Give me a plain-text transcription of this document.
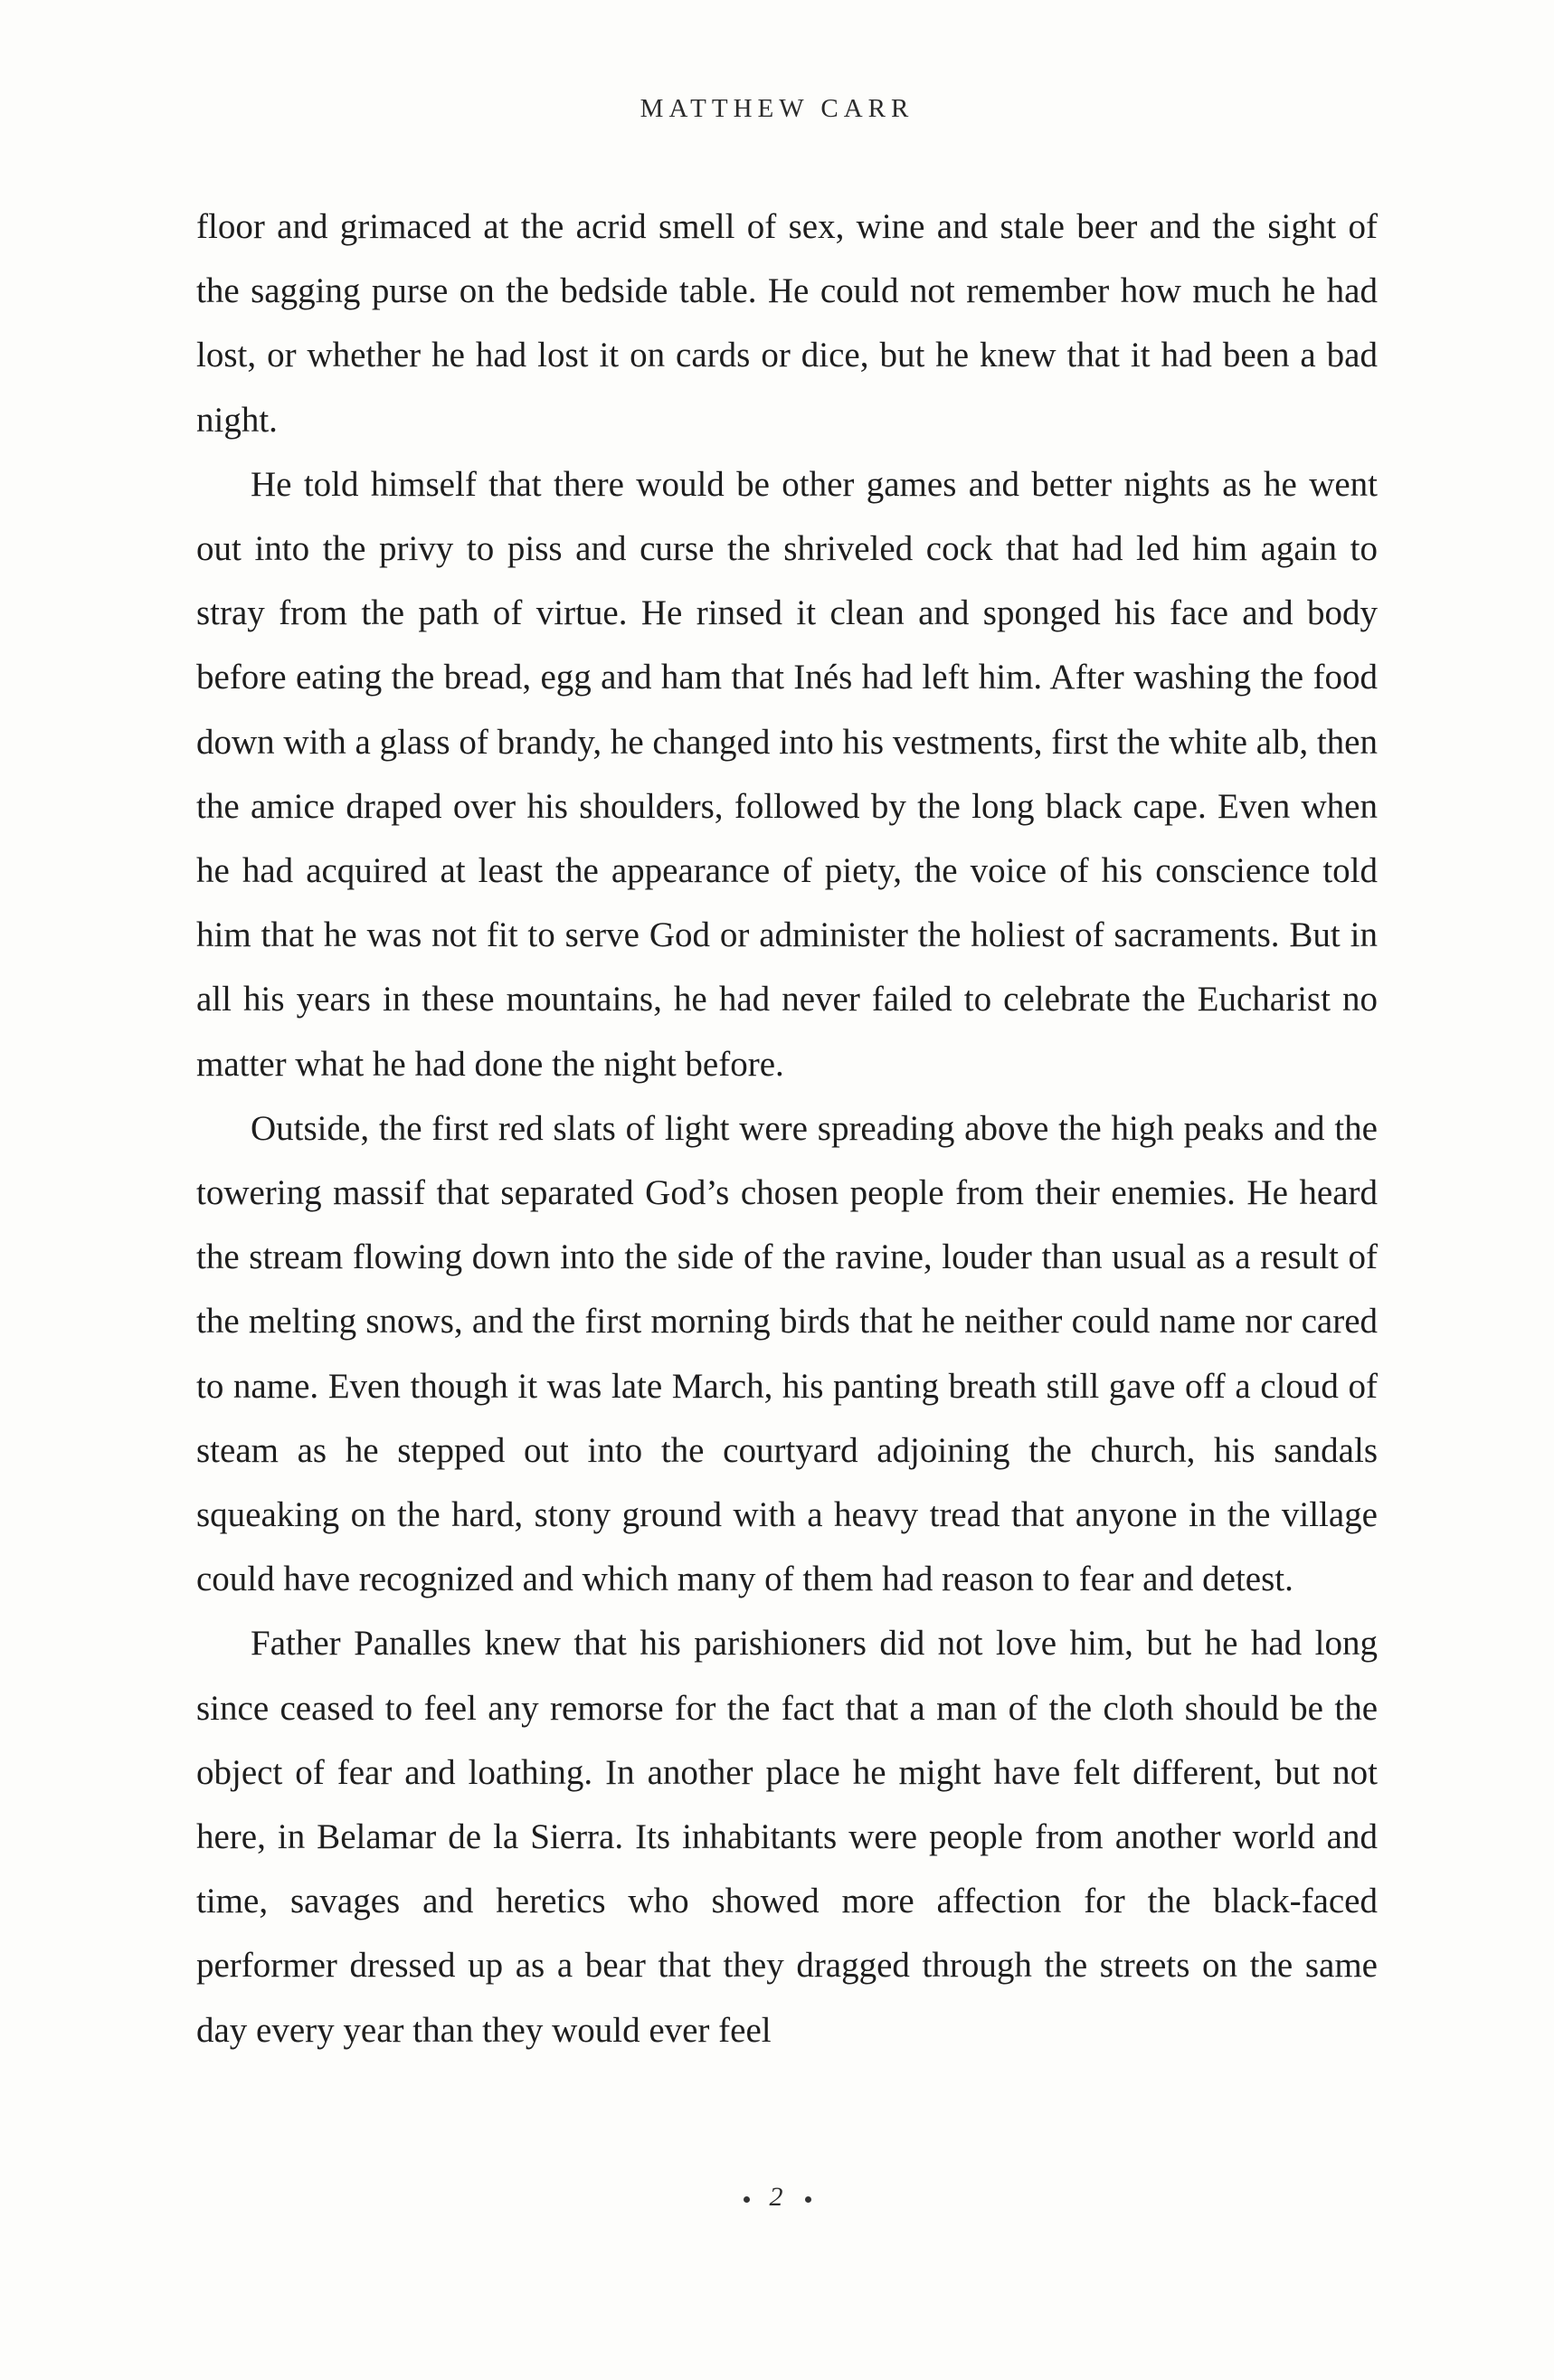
MATTHEW CARR

floor and grimaced at the acrid smell of sex, wine and stale beer and the sight of the sagging purse on the bedside table. He could not remember how much he had lost, or whether he had lost it on cards or dice, but he knew that it had been a bad night.

He told himself that there would be other games and better nights as he went out into the privy to piss and curse the shriveled cock that had led him again to stray from the path of virtue. He rinsed it clean and sponged his face and body before eating the bread, egg and ham that Inés had left him. After washing the food down with a glass of brandy, he changed into his vestments, first the white alb, then the amice draped over his shoulders, followed by the long black cape. Even when he had acquired at least the appearance of piety, the voice of his conscience told him that he was not fit to serve God or administer the holiest of sacraments. But in all his years in these mountains, he had never failed to celebrate the Eucharist no matter what he had done the night before.

Outside, the first red slats of light were spreading above the high peaks and the towering massif that separated God’s chosen people from their enemies. He heard the stream flowing down into the side of the ravine, louder than usual as a result of the melting snows, and the first morning birds that he neither could name nor cared to name. Even though it was late March, his panting breath still gave off a cloud of steam as he stepped out into the courtyard adjoining the church, his sandals squeaking on the hard, stony ground with a heavy tread that anyone in the village could have recognized and which many of them had reason to fear and detest.

Father Panalles knew that his parishioners did not love him, but he had long since ceased to feel any remorse for the fact that a man of the cloth should be the object of fear and loathing. In another place he might have felt different, but not here, in Belamar de la Sierra. Its inhabitants were people from another world and time, savages and heretics who showed more affection for the black-faced performer dressed up as a bear that they dragged through the streets on the same day every year than they would ever feel

2
